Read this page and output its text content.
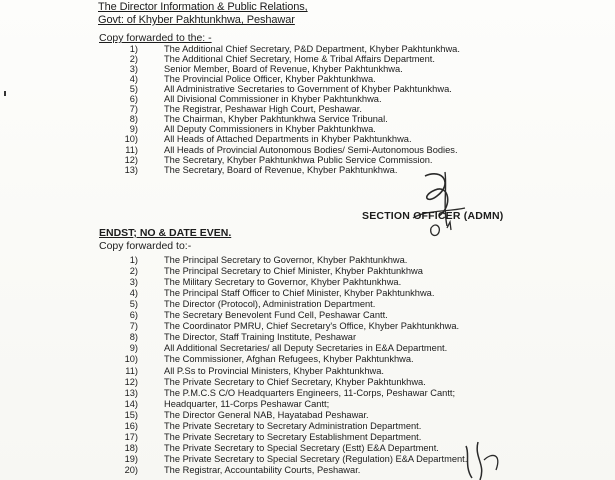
The Director Information & Public Relations,
Govt: of Khyber Pakhtunkhwa, Peshawar
Copy forwarded to the: -
1)	The Additional Chief Secretary, P&D Department, Khyber Pakhtunkhwa.
2)	The Additional Chief Secretary, Home & Tribal Affairs Department.
3)	Senior Member, Board of Revenue, Khyber Pakhtunkhwa.
4)	The Provincial Police Officer, Khyber Pakhtunkhwa.
5)	All Administrative Secretaries to Government of Khyber Pakhtunkhwa.
6)	All Divisional Commissioner in Khyber Pakhtunkhwa.
7)	The Registrar, Peshawar High Court, Peshawar.
8)	The Chairman, Khyber Pakhtunkhwa Service Tribunal.
9)	All Deputy Commissioners in Khyber Pakhtunkhwa.
10)	All Heads of Attached Departments in Khyber Pakhtunkhwa.
11)	All Heads of Provincial Autonomous Bodies/ Semi-Autonomous Bodies.
12)	The Secretary, Khyber Pakhtunkhwa Public Service Commission.
13)	The Secretary, Board of Revenue, Khyber Pakhtunkhwa.
SECTION OFFICER (ADMN)
ENDST; NO & DATE EVEN.
Copy forwarded to:-
1)	The Principal Secretary to Governor, Khyber Pakhtunkhwa.
2)	The Principal Secretary to Chief Minister, Khyber Pakhtunkhwa
3)	The Military Secretary to Governor, Khyber Pakhtunkhwa.
4)	The Principal Staff Officer to Chief Minister, Khyber Pakhtunkhwa.
5)	The Director (Protocol), Administration Department.
6)	The Secretary Benevolent Fund Cell, Peshawar Cantt.
7)	The Coordinator PMRU, Chief Secretary's Office, Khyber Pakhtunkhwa.
8)	The Director, Staff Training Institute, Peshawar
9)	All Additional Secretaries/ all Deputy Secretaries in E&A Department.
10)	The Commissioner, Afghan Refugees, Khyber Pakhtunkhwa.
11)	All P.Ss to Provincial Ministers, Khyber Pakhtunkhwa.
12)	The Private Secretary to Chief Secretary, Khyber Pakhtunkhwa.
13)	The P.M.C.S C/O Headquarters Engineers, 11-Corps, Peshawar Cantt;
14)	Headquarter, 11-Corps Peshawar Cantt;
15)	The Director General NAB, Hayatabad Peshawar.
16)	The Private Secretary to Secretary Administration Department.
17)	The Private Secretary to Secretary Establishment Department.
18)	The Private Secretary to Special Secretary (Estt) E&A Department.
19)	The Private Secretary to Special Secretary (Regulation) E&A Department.
20)	The Registrar, Accountability Courts, Peshawar.
